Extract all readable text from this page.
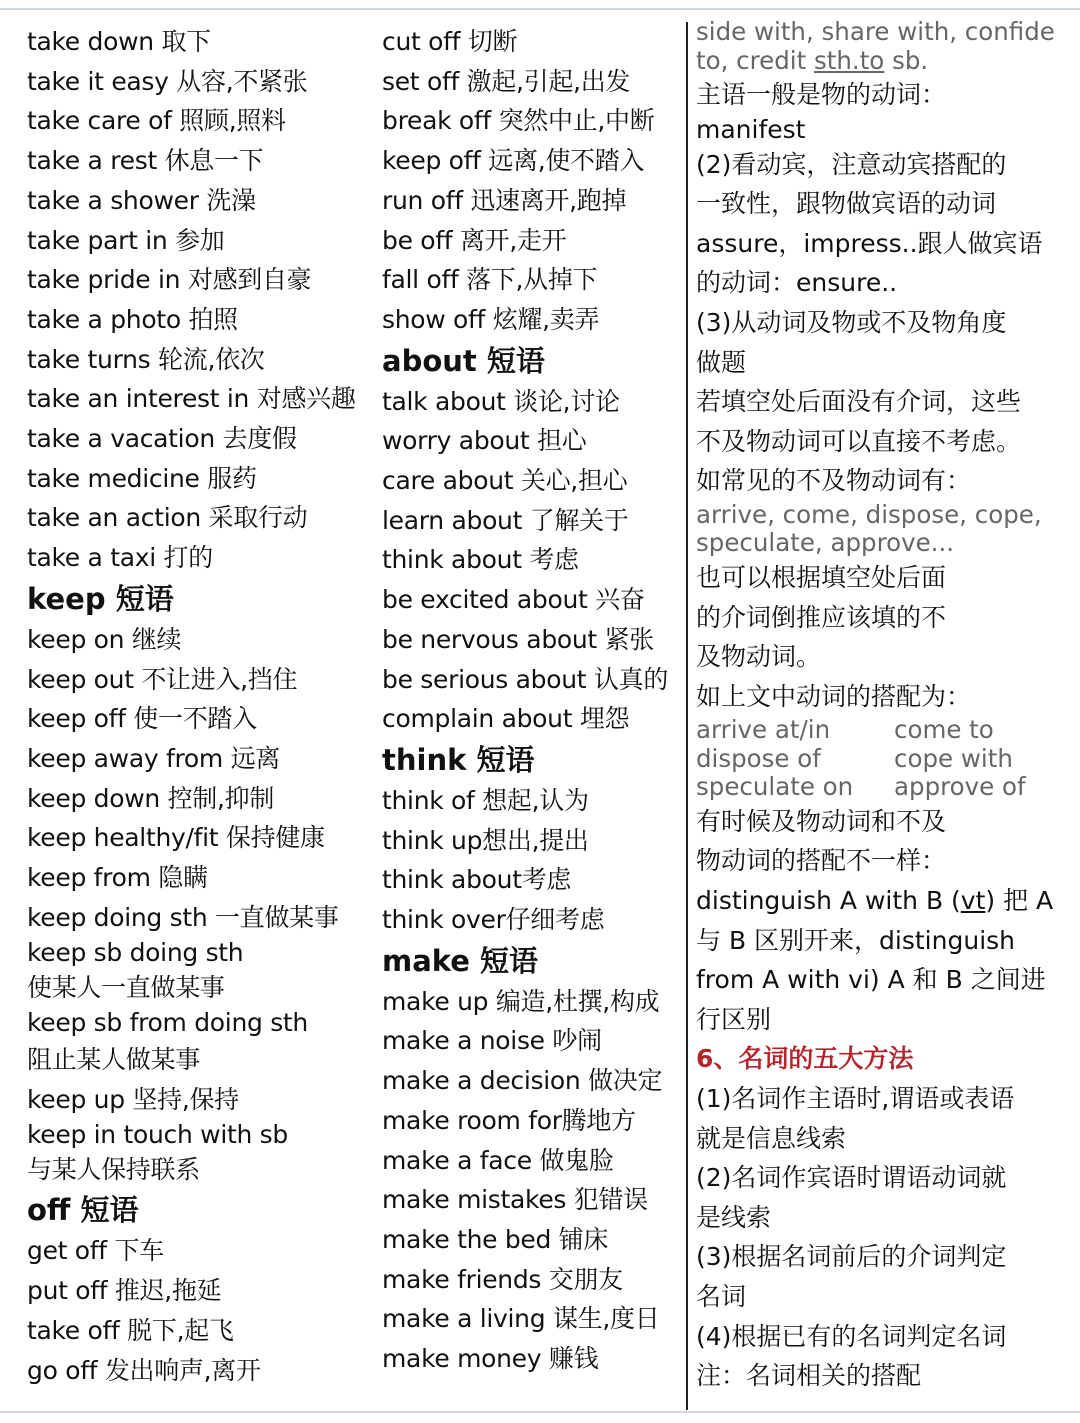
take down 取下
take it easy 从容,不紧张
take care of 照顾,照料
take a rest 休息一下
take a shower 洗澡
take part in 参加
take pride in 对感到自豪
take a photo 拍照
take turns 轮流,依次
take an interest in 对感兴趣
take a vacation 去度假
take medicine 服药
take an action 采取行动
take a taxi 打的
keep 短语
keep on 继续
keep out 不让进入,挡住
keep off 使一不踏入
keep away from 远离
keep down 控制,抑制
keep healthy/fit 保持健康
keep from 隐瞒
keep doing sth 一直做某事
keep sb doing sth
使某人一直做某事
keep sb from doing sth
阻止某人做某事
keep up 坚持,保持
keep in touch with sb
与某人保持联系
off 短语
get off 下车
put off 推迟,拖延
take off 脱下,起飞
go off 发出响声,离开
cut off 切断
set off 激起,引起,出发
break off 突然中止,中断
keep off 远离,使不踏入
run off 迅速离开,跑掉
be off 离开,走开
fall off 落下,从掉下
show off 炫耀,卖弄
about 短语
talk about 谈论,讨论
worry about 担心
care about 关心,担心
learn about 了解关于
think about 考虑
be excited about 兴奋
be nervous about 紧张
be serious about 认真的
complain about 埋怨
think 短语
think of 想起,认为
think up想出,提出
think about考虑
think over仔细考虑
make 短语
make up 编造,杜撰,构成
make a noise 吵闹
make a decision 做决定
make room for腾地方
make a face 做鬼脸
make mistakes 犯错误
make the bed 铺床
make friends 交朋友
make a living 谋生,度日
make money 赚钱
side with, share with, confide
to, credit sth.to sb.
主语一般是物的动词：
manifest
(2)看动宾，注意动宾搭配的
一致性，跟物做宾语的动词
assure，impress..跟人做宾语
的动词：ensure..
(3)从动词及物或不及物角度
做题
若填空处后面没有介词，这些
不及物动词可以直接不考虑。
如常见的不及物动词有：
arrive, come, dispose, cope,
speculate, approve...
也可以根据填空处后面
的介词倒推应该填的不
及物动词。
如上文中动词的搭配为：
arrive at/in	come to
dispose of	cope with
speculate on	approve of
有时候及物动词和不及
物动词的搭配不一样：
distinguish A with B (vt) 把 A
与 B 区别开来，distinguish
from A with vi) A 和 B 之间进
行区别
6、名词的五大方法
(1)名词作主语时,谓语或表语
就是信息线索
(2)名词作宾语时谓语动词就
是线索
(3)根据名词前后的介词判定
名词
(4)根据已有的名词判定名词
注：名词相关的搭配
